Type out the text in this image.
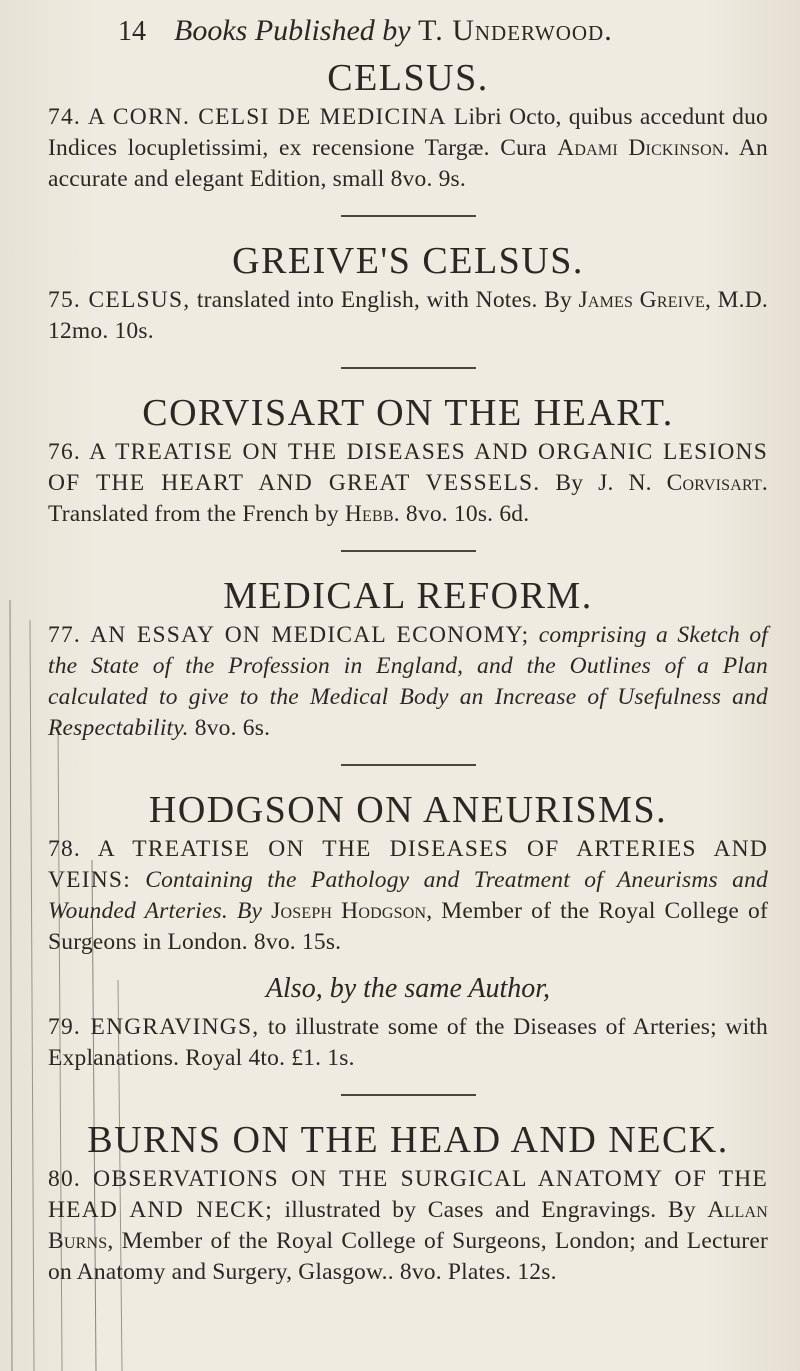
14 Books Published by T. Underwood.
CELSUS.

74. A CORN. CELSI DE MEDICINA Libri Octo, quibus accedunt duo Indices locupletissimi, ex recensione Targæ. Cura Adami Dickinson. An accurate and elegant Edition, small 8vo. 9s.

GREIVE'S CELSUS.

75. CELSUS, translated into English, with Notes. By James Greive, M.D. 12mo. 10s.

CORVISART ON THE HEART.

76. A TREATISE ON THE DISEASES AND ORGANIC LESIONS OF THE HEART AND GREAT VESSELS. By J. N. Corvisart. Translated from the French by Hebb. 8vo. 10s. 6d.

MEDICAL REFORM.

77. AN ESSAY ON MEDICAL ECONOMY; comprising a Sketch of the State of the Profession in England, and the Outlines of a Plan calculated to give to the Medical Body an Increase of Usefulness and Respectability. 8vo. 6s.

HODGSON ON ANEURISMS.

78. A TREATISE ON THE DISEASES OF ARTERIES AND VEINS: Containing the Pathology and Treatment of Aneurisms and Wounded Arteries. By Joseph Hodgson, Member of the Royal College of Surgeons in London. 8vo. 15s.

Also, by the same Author,

79. ENGRAVINGS, to illustrate some of the Diseases of Arteries; with Explanations. Royal 4to. £1. 1s.

BURNS ON THE HEAD AND NECK.

80. OBSERVATIONS ON THE SURGICAL ANATOMY OF THE HEAD AND NECK; illustrated by Cases and Engravings. By Allan Burns, Member of the Royal College of Surgeons, London; and Lecturer on Anatomy and Surgery, Glasgow.. 8vo. Plates. 12s.
